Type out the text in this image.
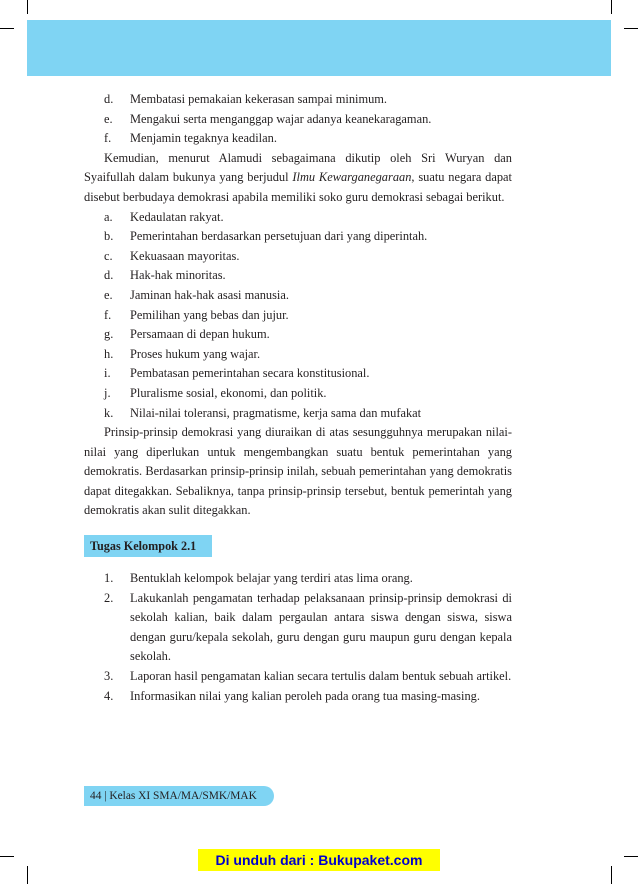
d.	Membatasi pemakaian kekerasan sampai minimum.
e.	Mengakui serta menganggap wajar adanya keanekaragaman.
f.	Menjamin tegaknya keadilan.

Kemudian, menurut Alamudi sebagaimana dikutip oleh Sri Wuryan dan Syaifullah dalam bukunya yang berjudul Ilmu Kewarganegaraan, suatu negara dapat disebut berbudaya demokrasi apabila memiliki soko guru demokrasi sebagai berikut.

a.	Kedaulatan rakyat.
b.	Pemerintahan berdasarkan persetujuan dari yang diperintah.
c.	Kekuasaan mayoritas.
d.	Hak-hak minoritas.
e.	Jaminan hak-hak asasi manusia.
f.	Pemilihan yang bebas dan jujur.
g.	Persamaan di depan hukum.
h.	Proses hukum yang wajar.
i.	Pembatasan pemerintahan secara konstitusional.
j.	Pluralisme sosial, ekonomi, dan politik.
k.	Nilai-nilai toleransi, pragmatisme, kerja sama dan mufakat

Prinsip-prinsip demokrasi yang diuraikan di atas sesungguhnya merupakan nilai-nilai yang diperlukan untuk mengembangkan suatu bentuk pemerintahan yang demokratis. Berdasarkan prinsip-prinsip inilah, sebuah pemerintahan yang demokratis dapat ditegakkan. Sebaliknya, tanpa prinsip-prinsip tersebut, bentuk pemerintah yang demokratis akan sulit ditegakkan.

Tugas Kelompok 2.1
1.	Bentuklah kelompok belajar yang terdiri atas lima orang.
2.	Lakukanlah pengamatan terhadap pelaksanaan prinsip-prinsip demokrasi di sekolah kalian, baik dalam pergaulan antara siswa dengan siswa, siswa dengan guru/kepala sekolah, guru dengan guru maupun guru dengan kepala sekolah.
3.	Laporan hasil pengamatan kalian secara tertulis dalam bentuk sebuah artikel.
4.	Informasikan nilai yang kalian peroleh pada orang tua masing-masing.
44 | Kelas XI SMA/MA/SMK/MAK
Di unduh dari : Bukupaket.com
